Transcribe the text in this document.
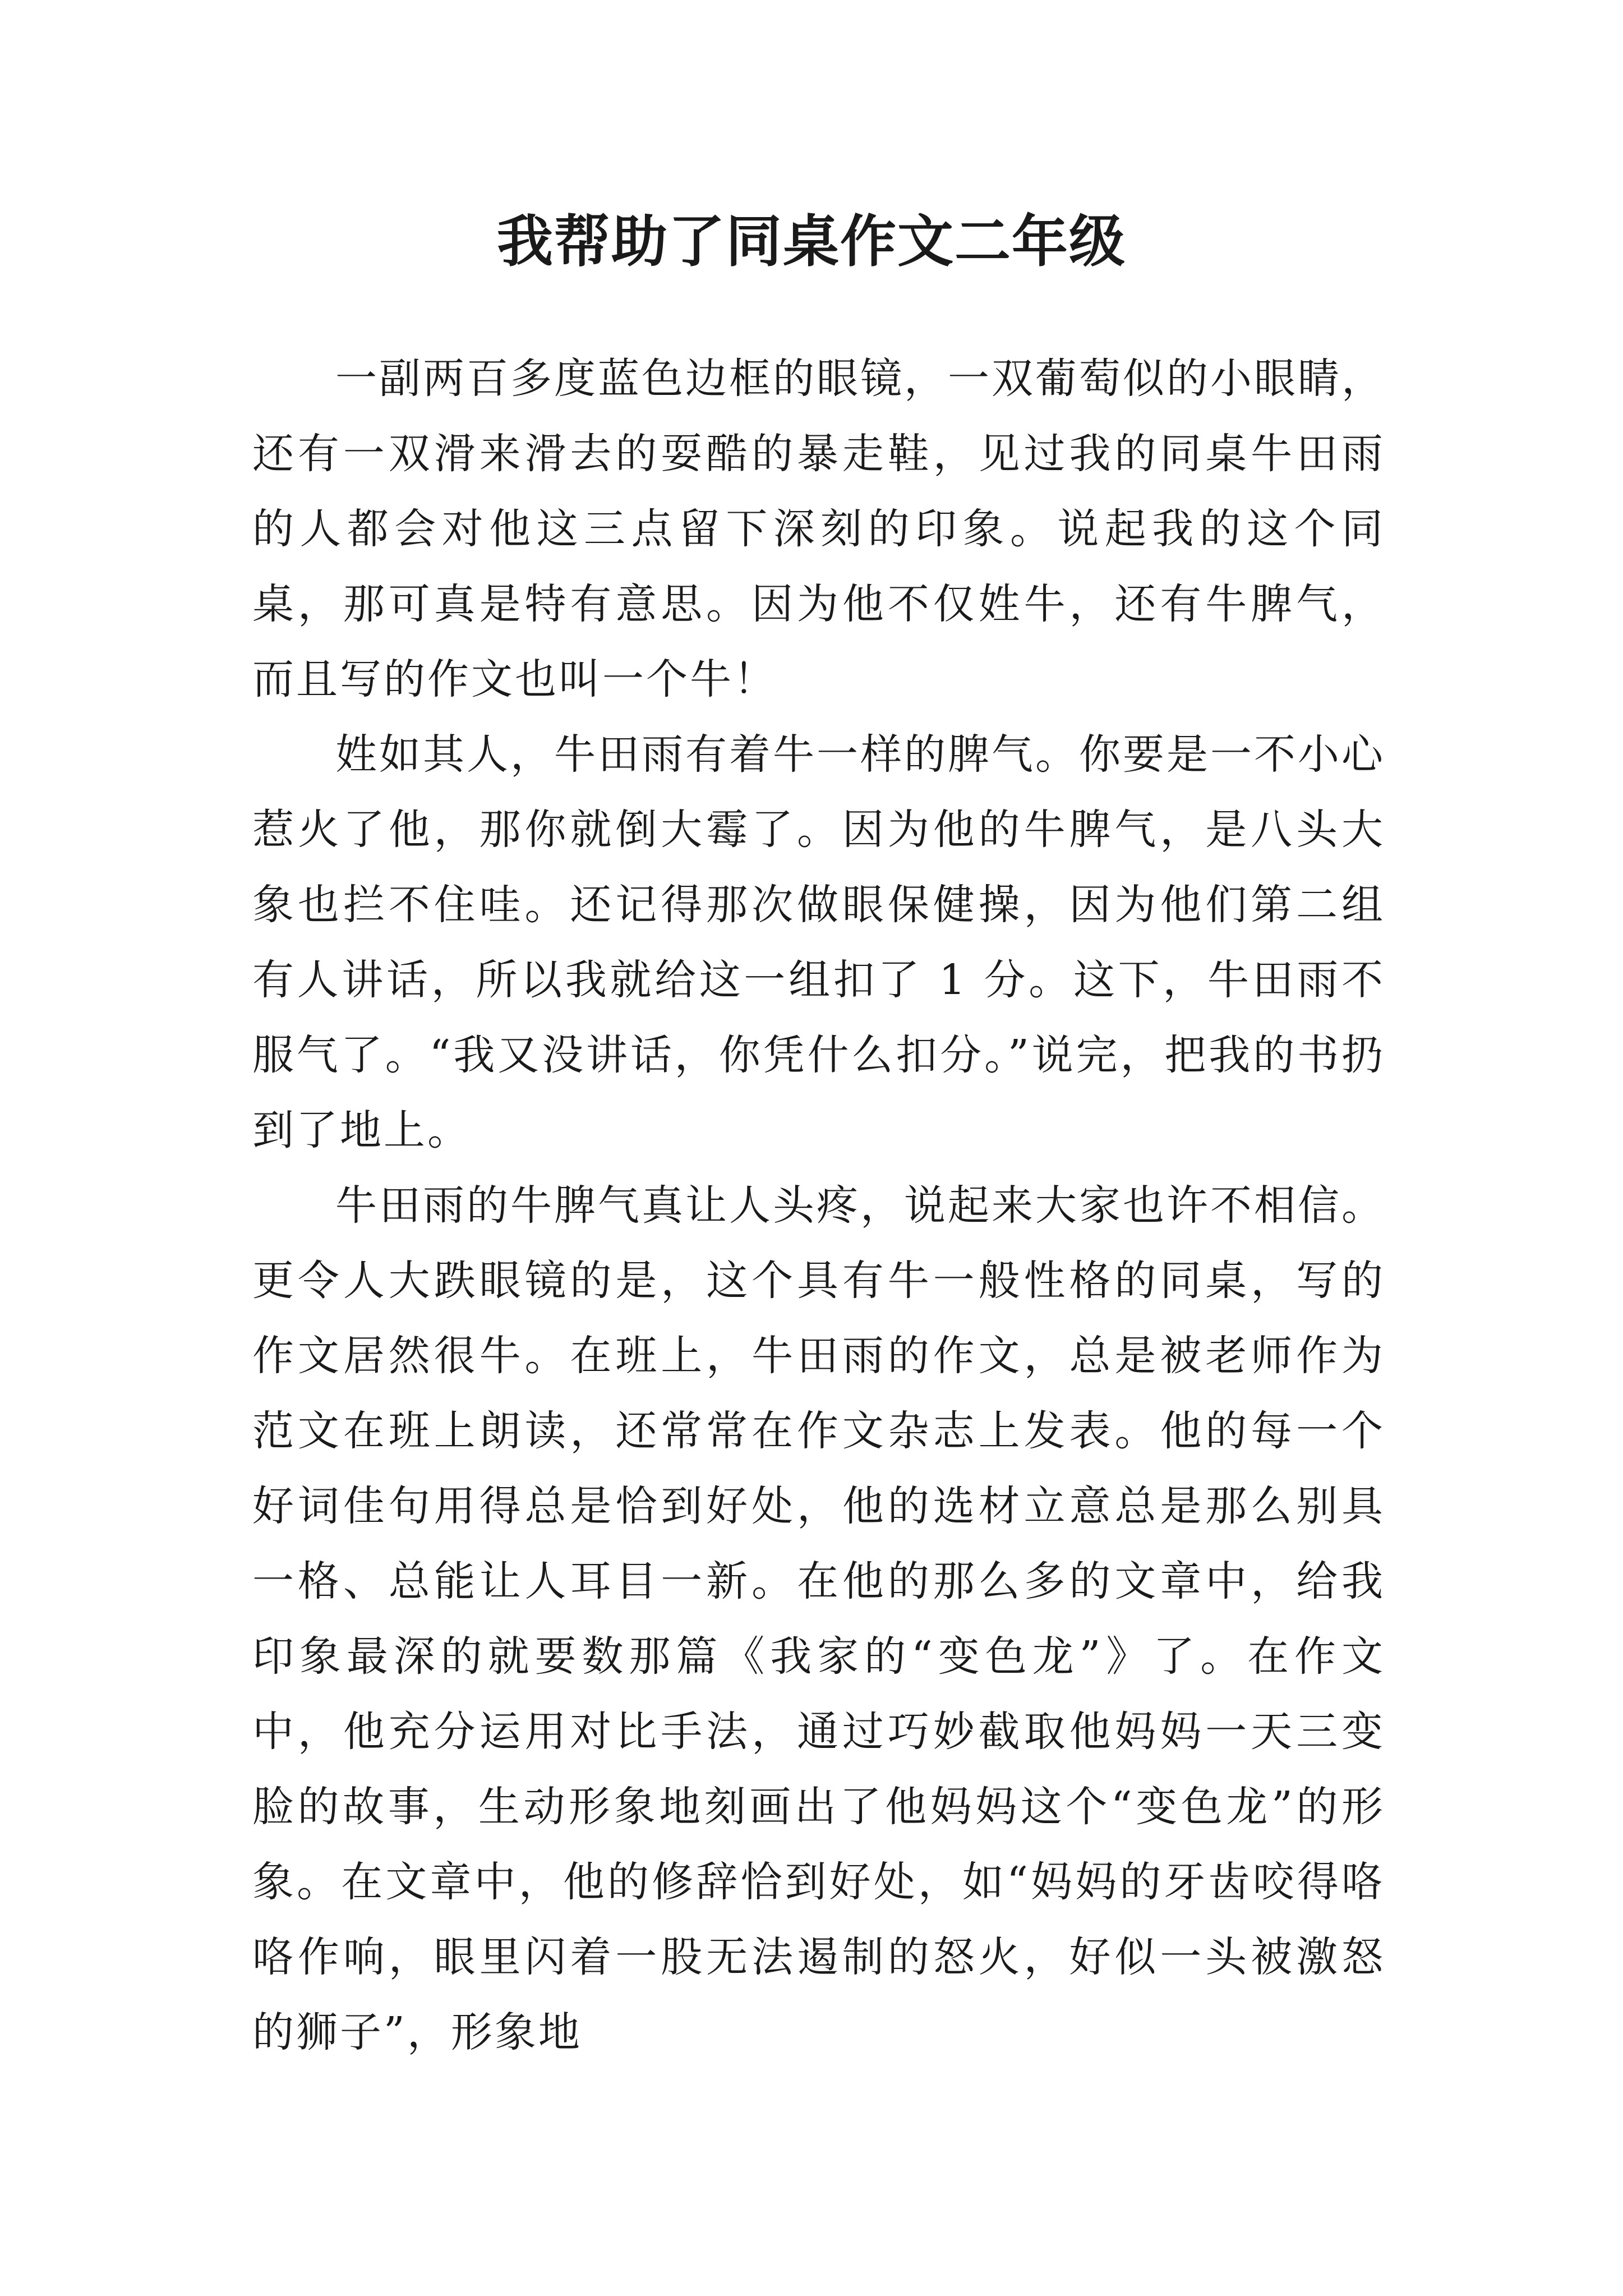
我帮助了同桌作文二年级

一副两百多度蓝色边框的眼镜，一双葡萄似的小眼睛，还有一双滑来滑去的耍酷的暴走鞋，见过我的同桌牛田雨的人都会对他这三点留下深刻的印象。说起我的这个同桌，那可真是特有意思。因为他不仅姓牛，还有牛脾气，而且写的作文也叫一个牛！

姓如其人，牛田雨有着牛一样的脾气。你要是一不小心惹火了他，那你就倒大霉了。因为他的牛脾气，是八头大象也拦不住哇。还记得那次做眼保健操，因为他们第二组有人讲话，所以我就给这一组扣了 1 分。这下，牛田雨不服气了。“我又没讲话，你凭什么扣分。”说完，把我的书扔到了地上。

牛田雨的牛脾气真让人头疼，说起来大家也许不相信。更令人大跌眼镜的是，这个具有牛一般性格的同桌，写的作文居然很牛。在班上，牛田雨的作文，总是被老师作为范文在班上朗读，还常常在作文杂志上发表。他的每一个好词佳句用得总是恰到好处，他的选材立意总是那么别具一格、总能让人耳目一新。在他的那么多的文章中，给我印象最深的就要数那篇《我家的“变色龙”》了。在作文中，他充分运用对比手法，通过巧妙截取他妈妈一天三变脸的故事，生动形象地刻画出了他妈妈这个“变色龙”的形象。在文章中，他的修辞恰到好处，如“妈妈的牙齿咬得咯咯作响，眼里闪着一股无法遏制的怒火，好似一头被激怒的狮子”，形象地
